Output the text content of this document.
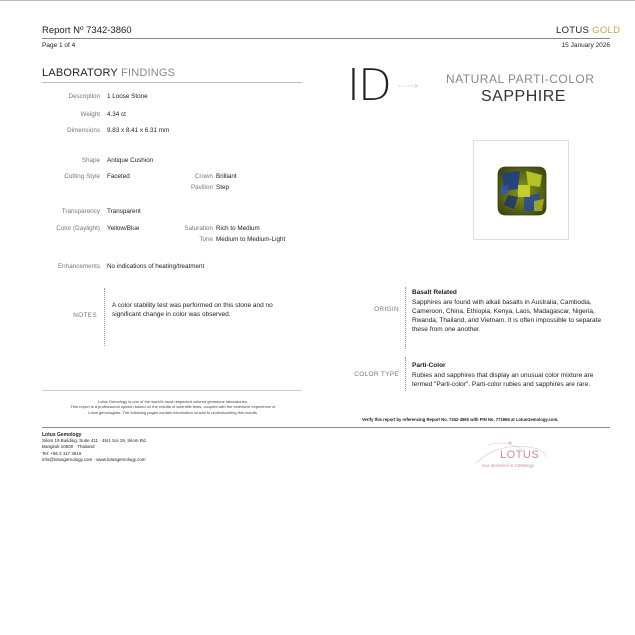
Report Nº 7342-3860	LOTUS GOLD
Page 1 of 4	15 January 2026
LABORATORY FINDINGS
Description 1 Loose Stone
Weight 4.34 ct
Dimensions 9.83 x 8.41 x 6.31 mm
Shape Antique Cushion
Cutting Style Faceted	Crown Brilliant
Pavilion Step
Transparency Transparent
Color (Daylight) Yellow/Blue	Saturation Rich to Medium
Tone Medium to Medium-Light
Enhancements No indications of heating/treatment
NOTES
A color stability test was performed on this stone and no significant change in color was observed.
Lotus Gemology is one of the world's most respected colored gemstone laboratories.
This report is a professional opinion based on the results of scientific tests, coupled with the extensive experience of
Lotus gemologists. The following pages contain information crucial to understanding this results.
ID	NATURAL PARTI-COLOR
SAPPHIRE
ORIGIN
Basalt Related
Sapphires are found with alkali basalts in Australia, Cambodia, Cameroon, China, Ethiopia, Kenya, Laos, Madagascar, Nigeria, Rwanda, Thailand, and Vietnam. It is often impossible to separate these from one another.
COLOR TYPE
Parti-Color
Rubies and sapphires that display an unusual color mixture are termed "Parti-color". Parti-color rubies and sapphires are rare.
Verify this report by referencing Report No. 7342-3860 with PIN No. 771865 at LotusGemology.com.
Lotus Gemology
Silom 19 Building, Suite 411 · 45/1 Soi 19, Silom Rd.
Bangkok 10500 · Thailand
Tel: +66 2 117 3616
info@lotusgemology.com · www.lotusgemology.com	LOTUS
new directions in GEMology
